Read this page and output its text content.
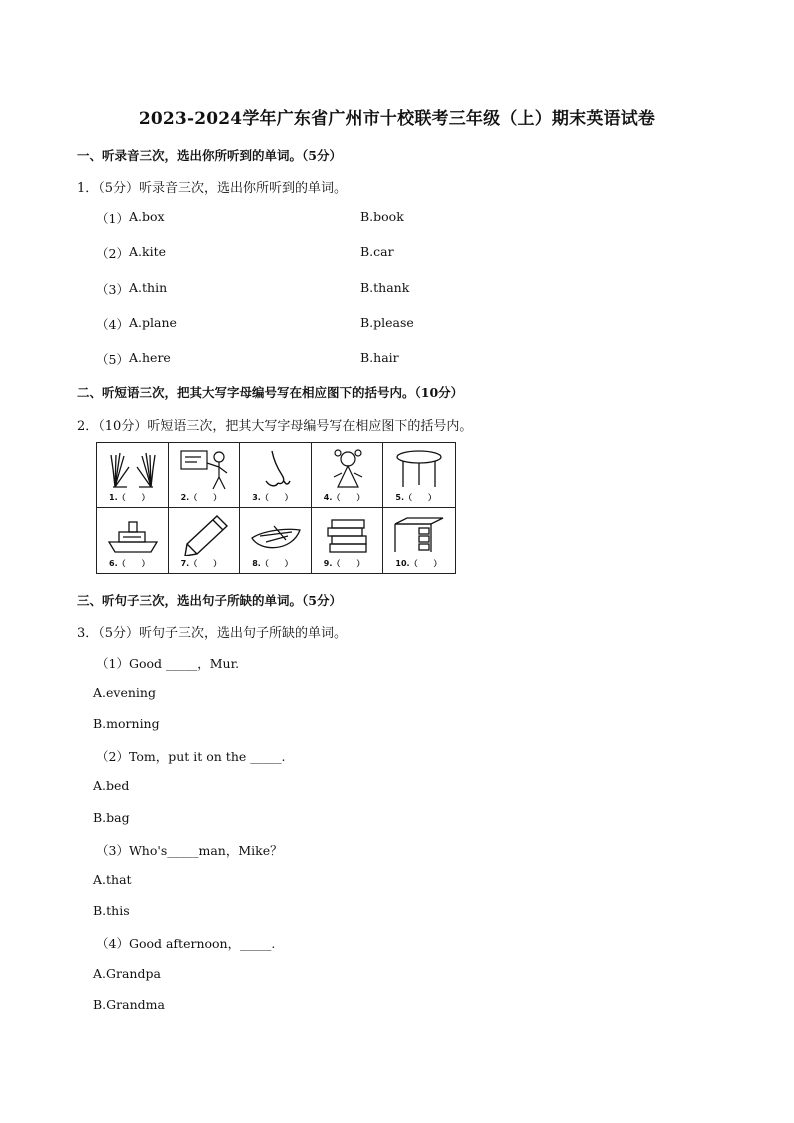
2023-2024学年广东省广州市十校联考三年级（上）期末英语试卷
一、听录音三次，选出你所听到的单词。（5分）
1．（5分）听录音三次，选出你所听到的单词。
（1） A.box	B.book
（2） A.kite	B.car
（3） A.thin	B.thank
（4） A.plane	B.please
（5） A.here	B.hair
二、听短语三次，把其大写字母编号写在相应图下的括号内。（10分）
2．（10分）听短语三次，把其大写字母编号写在相应图下的括号内。
1.（　　）	2.（　　）	3.（　　）	4.（　　）	5.（　　）
6.（　　）	7.（　　）	8.（　　）	9.（　　）	10.（　　）
三、听句子三次，选出句子所缺的单词。（5分）
3．（5分）听句子三次，选出句子所缺的单词。
（1）Good _____，Mur.
A.evening
B.morning
（2）Tom，put it on the _____.
A.bed
B.bag
（3）Who's_____man，Mike？
A.that
B.this
（4）Good afternoon，_____.
A.Grandpa
B.Grandma
